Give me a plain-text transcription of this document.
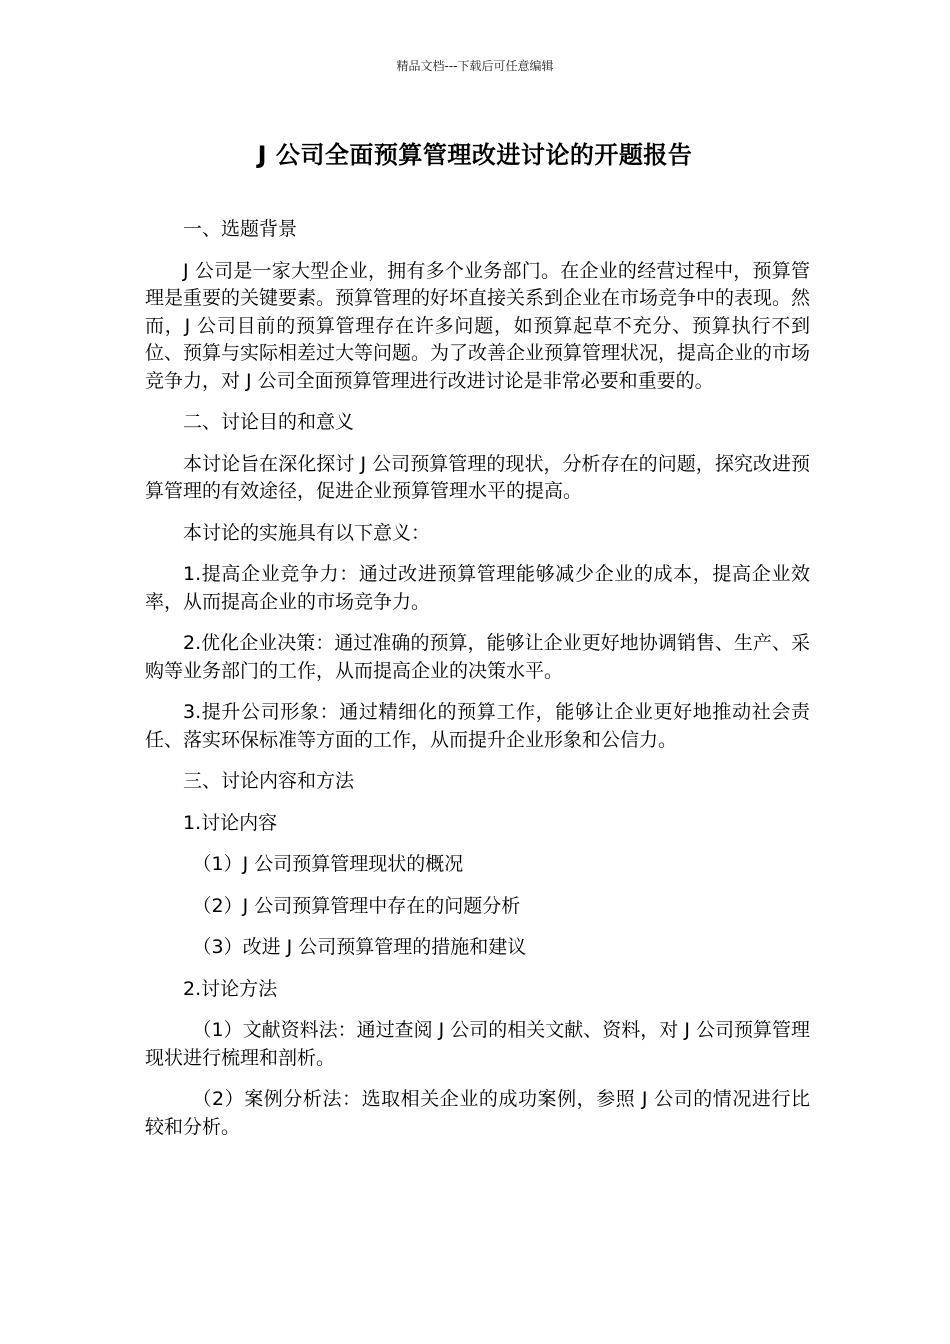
精品文档---下载后可任意编辑
J 公司全面预算管理改进讨论的开题报告

一、选题背景

J 公司是一家大型企业，拥有多个业务部门。在企业的经营过程中，预算管理是重要的关键要素。预算管理的好坏直接关系到企业在市场竞争中的表现。然而，J 公司目前的预算管理存在许多问题，如预算起草不充分、预算执行不到位、预算与实际相差过大等问题。为了改善企业预算管理状况，提高企业的市场竞争力，对 J 公司全面预算管理进行改进讨论是非常必要和重要的。

二、讨论目的和意义

本讨论旨在深化探讨 J 公司预算管理的现状，分析存在的问题，探究改进预算管理的有效途径，促进企业预算管理水平的提高。

本讨论的实施具有以下意义：

1.提高企业竞争力：通过改进预算管理能够减少企业的成本，提高企业效率，从而提高企业的市场竞争力。

2.优化企业决策：通过准确的预算，能够让企业更好地协调销售、生产、采购等业务部门的工作，从而提高企业的决策水平。

3.提升公司形象：通过精细化的预算工作，能够让企业更好地推动社会责任、落实环保标准等方面的工作，从而提升企业形象和公信力。

三、讨论内容和方法

1.讨论内容

（1）J 公司预算管理现状的概况

（2）J 公司预算管理中存在的问题分析

（3）改进 J 公司预算管理的措施和建议

2.讨论方法

（1）文献资料法：通过查阅 J 公司的相关文献、资料，对 J 公司预算管理现状进行梳理和剖析。

（2）案例分析法：选取相关企业的成功案例，参照 J 公司的情况进行比较和分析。
